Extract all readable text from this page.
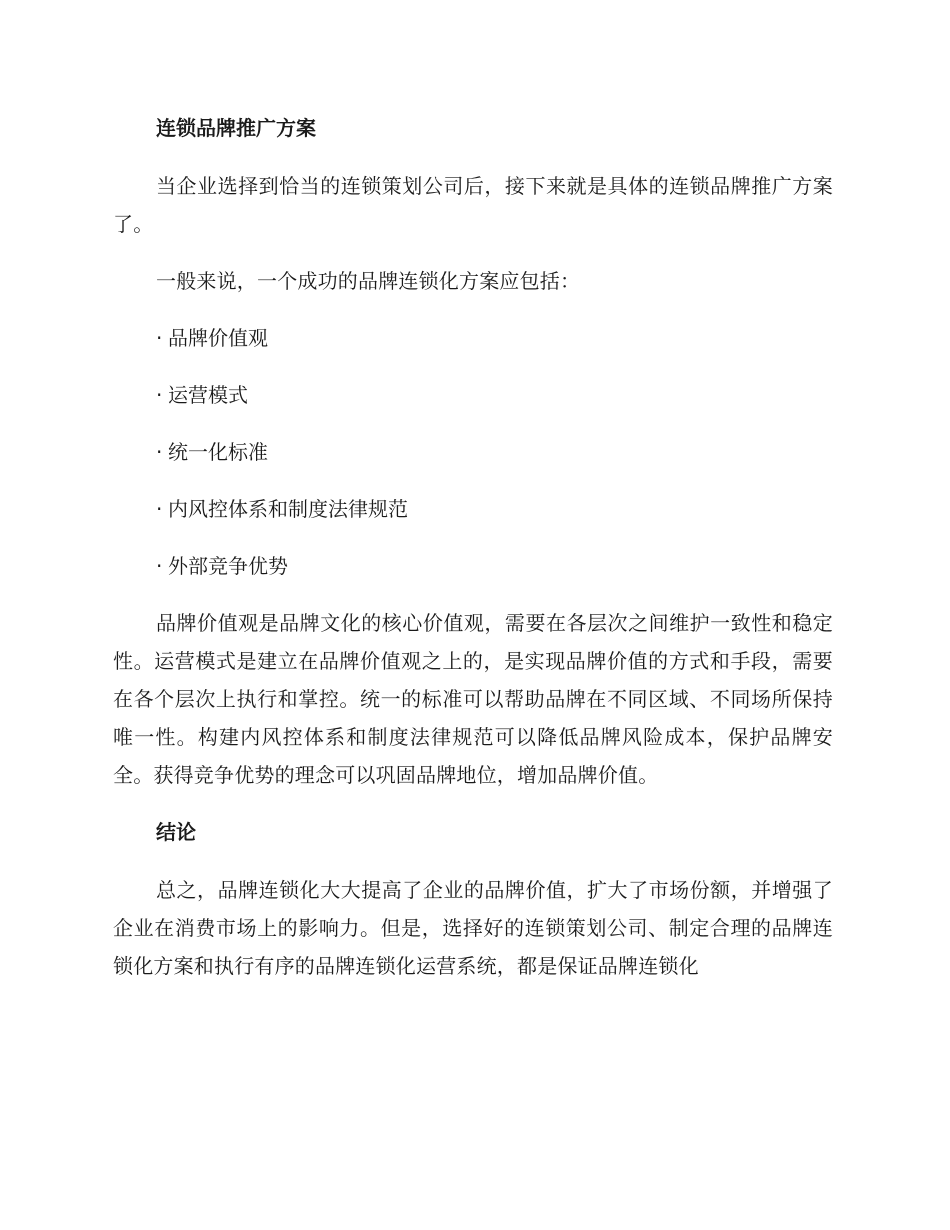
连锁品牌推广方案

当企业选择到恰当的连锁策划公司后，接下来就是具体的连锁品牌推广方案了。

一般来说，一个成功的品牌连锁化方案应包括：

· 品牌价值观
· 运营模式
· 统一化标准
· 内风控体系和制度法律规范
· 外部竞争优势

品牌价值观是品牌文化的核心价值观，需要在各层次之间维护一致性和稳定性。运营模式是建立在品牌价值观之上的，是实现品牌价值的方式和手段，需要在各个层次上执行和掌控。统一的标准可以帮助品牌在不同区域、不同场所保持唯一性。构建内风控体系和制度法律规范可以降低品牌风险成本，保护品牌安全。获得竞争优势的理念可以巩固品牌地位，增加品牌价值。

结论

总之，品牌连锁化大大提高了企业的品牌价值，扩大了市场份额，并增强了企业在消费市场上的影响力。但是，选择好的连锁策划公司、制定合理的品牌连锁化方案和执行有序的品牌连锁化运营系统，都是保证品牌连锁化
